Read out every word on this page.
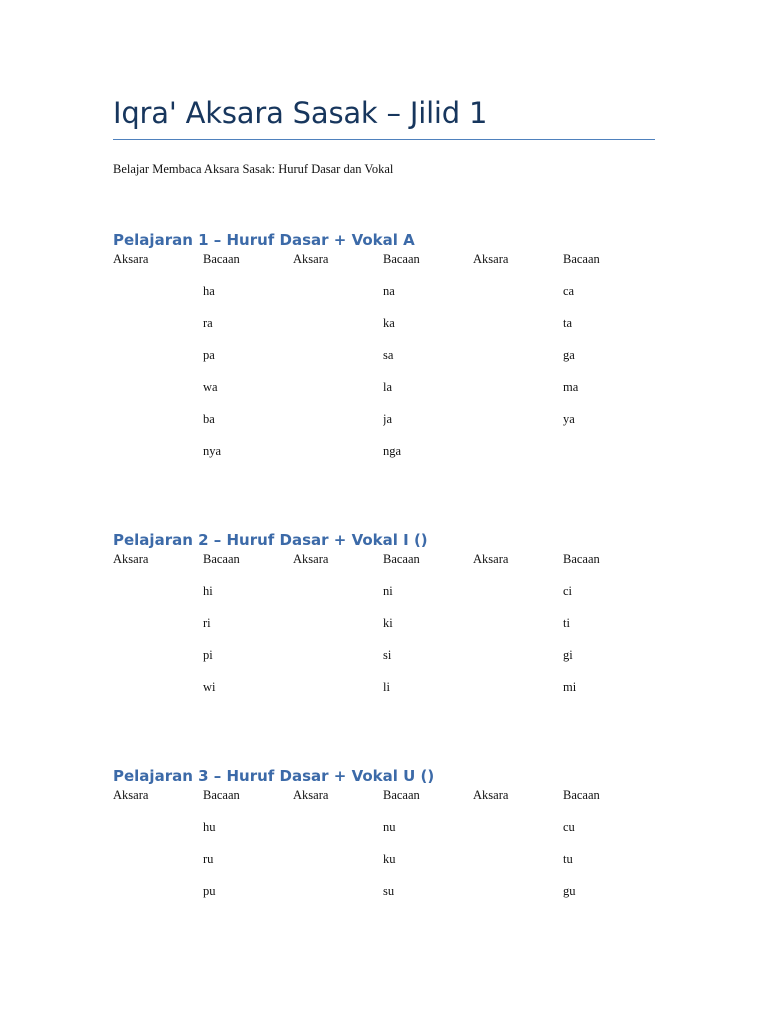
Iqra' Aksara Sasak – Jilid 1
Belajar Membaca Aksara Sasak: Huruf Dasar dan Vokal
Pelajaran 1 – Huruf Dasar + Vokal A
Aksara	Bacaan	Aksara	Bacaan	Aksara	Bacaan
	ha		na		ca
	ra		ka		ta
	pa		sa		ga
	wa		la		ma
	ba		ja		ya
	nya		nga		
Pelajaran 2 – Huruf Dasar + Vokal I ()
Aksara	Bacaan	Aksara	Bacaan	Aksara	Bacaan
	hi		ni		ci
	ri		ki		ti
	pi		si		gi
	wi		li		mi
Pelajaran 3 – Huruf Dasar + Vokal U ()
Aksara	Bacaan	Aksara	Bacaan	Aksara	Bacaan
	hu		nu		cu
	ru		ku		tu
	pu		su		gu
